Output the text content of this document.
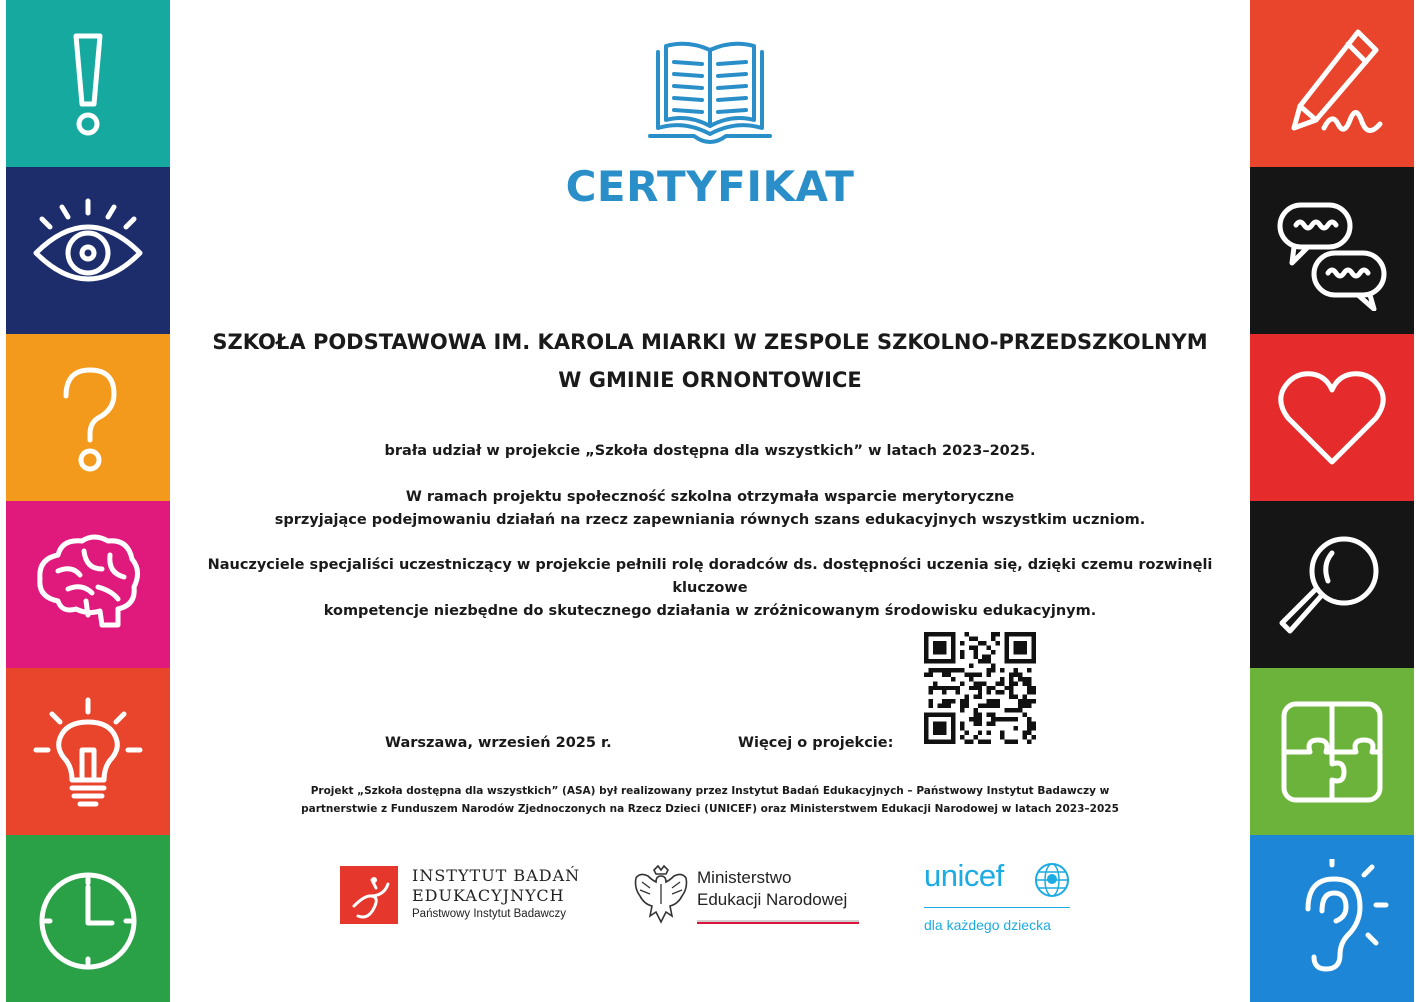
CERTYFIKAT
SZKOŁA PODSTAWOWA IM. KAROLA MIARKI W ZESPOLE SZKOLNO-PRZEDSZKOLNYM
W GMINIE ORNONTOWICE
brała udział w projekcie „Szkoła dostępna dla wszystkich” w latach 2023–2025.
W ramach projektu społeczność szkolna otrzymała wsparcie merytoryczne
sprzyjające podejmowaniu działań na rzecz zapewniania równych szans edukacyjnych wszystkim uczniom.
Nauczyciele specjaliści uczestniczący w projekcie pełnili rolę doradców ds. dostępności uczenia się, dzięki czemu rozwinęli kluczowe
kompetencje niezbędne do skutecznego działania w zróżnicowanym środowisku edukacyjnym.
Warszawa, wrzesień 2025 r.	Więcej o projekcie:
Projekt „Szkoła dostępna dla wszystkich” (ASA) był realizowany przez Instytut Badań Edukacyjnych – Państwowy Instytut Badawczy w
partnerstwie z Funduszem Narodów Zjednoczonych na Rzecz Dzieci (UNICEF) oraz Ministerstwem Edukacji Narodowej w latach 2023–2025
INSTYTUT BADAŃ
EDUKACYJNYCH
Państwowy Instytut Badawczy
Ministerstwo
Edukacji Narodowej
unicef
dla każdego dziecka
